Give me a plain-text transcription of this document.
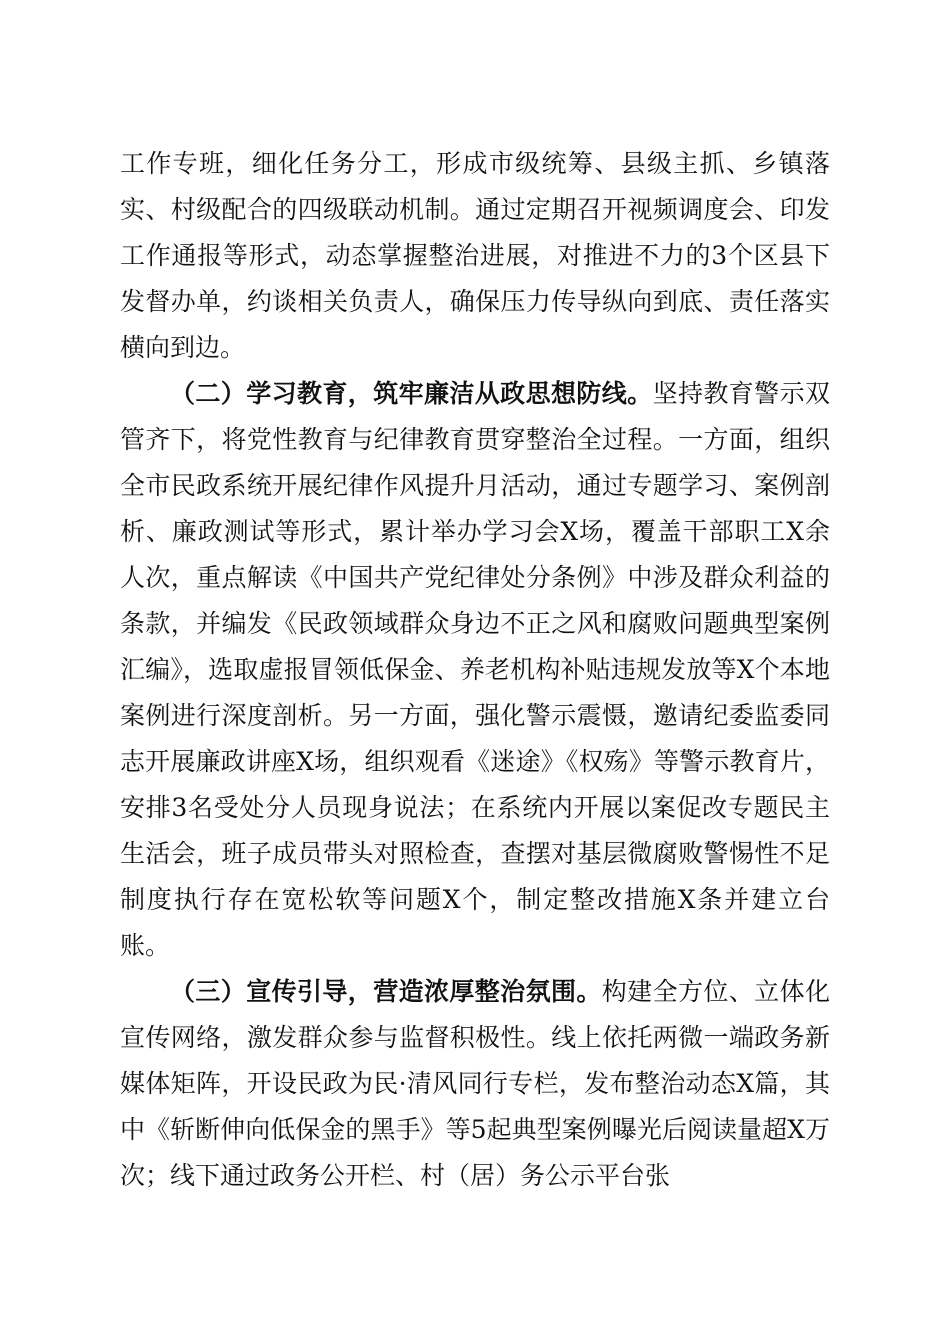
工作专班，细化任务分工，形成市级统筹、县级主抓、乡镇落实、村级配合的四级联动机制。通过定期召开视频调度会、印发工作通报等形式，动态掌握整治进展，对推进不力的3个区县下发督办单，约谈相关负责人，确保压力传导纵向到底、责任落实横向到边。

（二）学习教育，筑牢廉洁从政思想防线。坚持教育警示双管齐下，将党性教育与纪律教育贯穿整治全过程。一方面，组织全市民政系统开展纪律作风提升月活动，通过专题学习、案例剖析、廉政测试等形式，累计举办学习会X场，覆盖干部职工X余人次，重点解读《中国共产党纪律处分条例》中涉及群众利益的条款，并编发《民政领域群众身边不正之风和腐败问题典型案例汇编》，选取虚报冒领低保金、养老机构补贴违规发放等X个本地案例进行深度剖析。另一方面，强化警示震慑，邀请纪委监委同志开展廉政讲座X场，组织观看《迷途》《权殇》等警示教育片，安排3名受处分人员现身说法；在系统内开展以案促改专题民主生活会，班子成员带头对照检查，查摆对基层微腐败警惕性不足制度执行存在宽松软等问题X个，制定整改措施X条并建立台账。

（三）宣传引导，营造浓厚整治氛围。构建全方位、立体化宣传网络，激发群众参与监督积极性。线上依托两微一端政务新媒体矩阵，开设民政为民·清风同行专栏，发布整治动态X篇，其中《斩断伸向低保金的黑手》等5起典型案例曝光后阅读量超X万次；线下通过政务公开栏、村（居）务公示平台张
